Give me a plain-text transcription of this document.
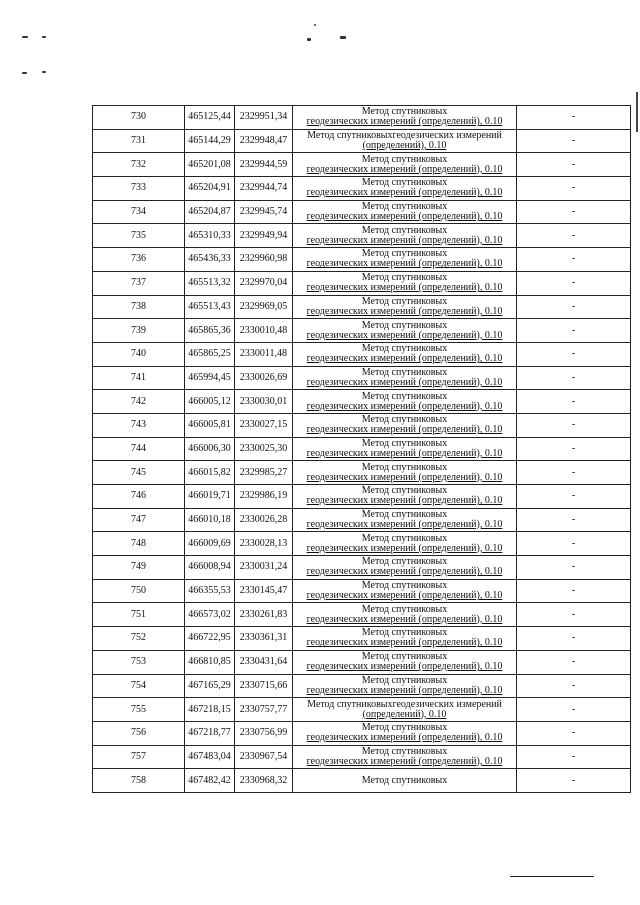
730	465125,44	2329951,34	Метод спутниковых
геодезических измерений (определений), 0.10	-
731	465144,29	2329948,47	Метод спутниковыхгеодезических измерений
(определений), 0.10	-
732	465201,08	2329944,59	Метод спутниковых
геодезических измерений (определений), 0.10	-
733	465204,91	2329944,74	Метод спутниковых
геодезических измерений (определений), 0.10	-
734	465204,87	2329945,74	Метод спутниковых
геодезических измерений (определений), 0.10	-
735	465310,33	2329949,94	Метод спутниковых
геодезических измерений (определений), 0.10	-
736	465436,33	2329960,98	Метод спутниковых
геодезических измерений (определений), 0.10	-
737	465513,32	2329970,04	Метод спутниковых
геодезических измерений (определений), 0.10	-
738	465513,43	2329969,05	Метод спутниковых
геодезических измерений (определений), 0.10	-
739	465865,36	2330010,48	Метод спутниковых
геодезических измерений (определений), 0.10	-
740	465865,25	2330011,48	Метод спутниковых
геодезических измерений (определений), 0.10	-
741	465994,45	2330026,69	Метод спутниковых
геодезических измерений (определений), 0.10	-
742	466005,12	2330030,01	Метод спутниковых
геодезических измерений (определений), 0.10	-
743	466005,81	2330027,15	Метод спутниковых
геодезических измерений (определений), 0.10	-
744	466006,30	2330025,30	Метод спутниковых
геодезических измерений (определений), 0.10	-
745	466015,82	2329985,27	Метод спутниковых
геодезических измерений (определений), 0.10	-
746	466019,71	2329986,19	Метод спутниковых
геодезических измерений (определений), 0.10	-
747	466010,18	2330026,28	Метод спутниковых
геодезических измерений (определений), 0.10	-
748	466009,69	2330028,13	Метод спутниковых
геодезических измерений (определений), 0.10	-
749	466008,94	2330031,24	Метод спутниковых
геодезических измерений (определений), 0.10	-
750	466355,53	2330145,47	Метод спутниковых
геодезических измерений (определений), 0.10	-
751	466573,02	2330261,83	Метод спутниковых
геодезических измерений (определений), 0.10	-
752	466722,95	2330361,31	Метод спутниковых
геодезических измерений (определений), 0.10	-
753	466810,85	2330431,64	Метод спутниковых
геодезических измерений (определений), 0.10	-
754	467165,29	2330715,66	Метод спутниковых
геодезических измерений (определений), 0.10	-
755	467218,15	2330757,77	Метод спутниковыхгеодезических измерений
(определений), 0.10	-
756	467218,77	2330756,99	Метод спутниковых
геодезических измерений (определений), 0.10	-
757	467483,04	2330967,54	Метод спутниковых
геодезических измерений (определений), 0.10	-
758	467482,42	2330968,32	Метод спутниковых	-
